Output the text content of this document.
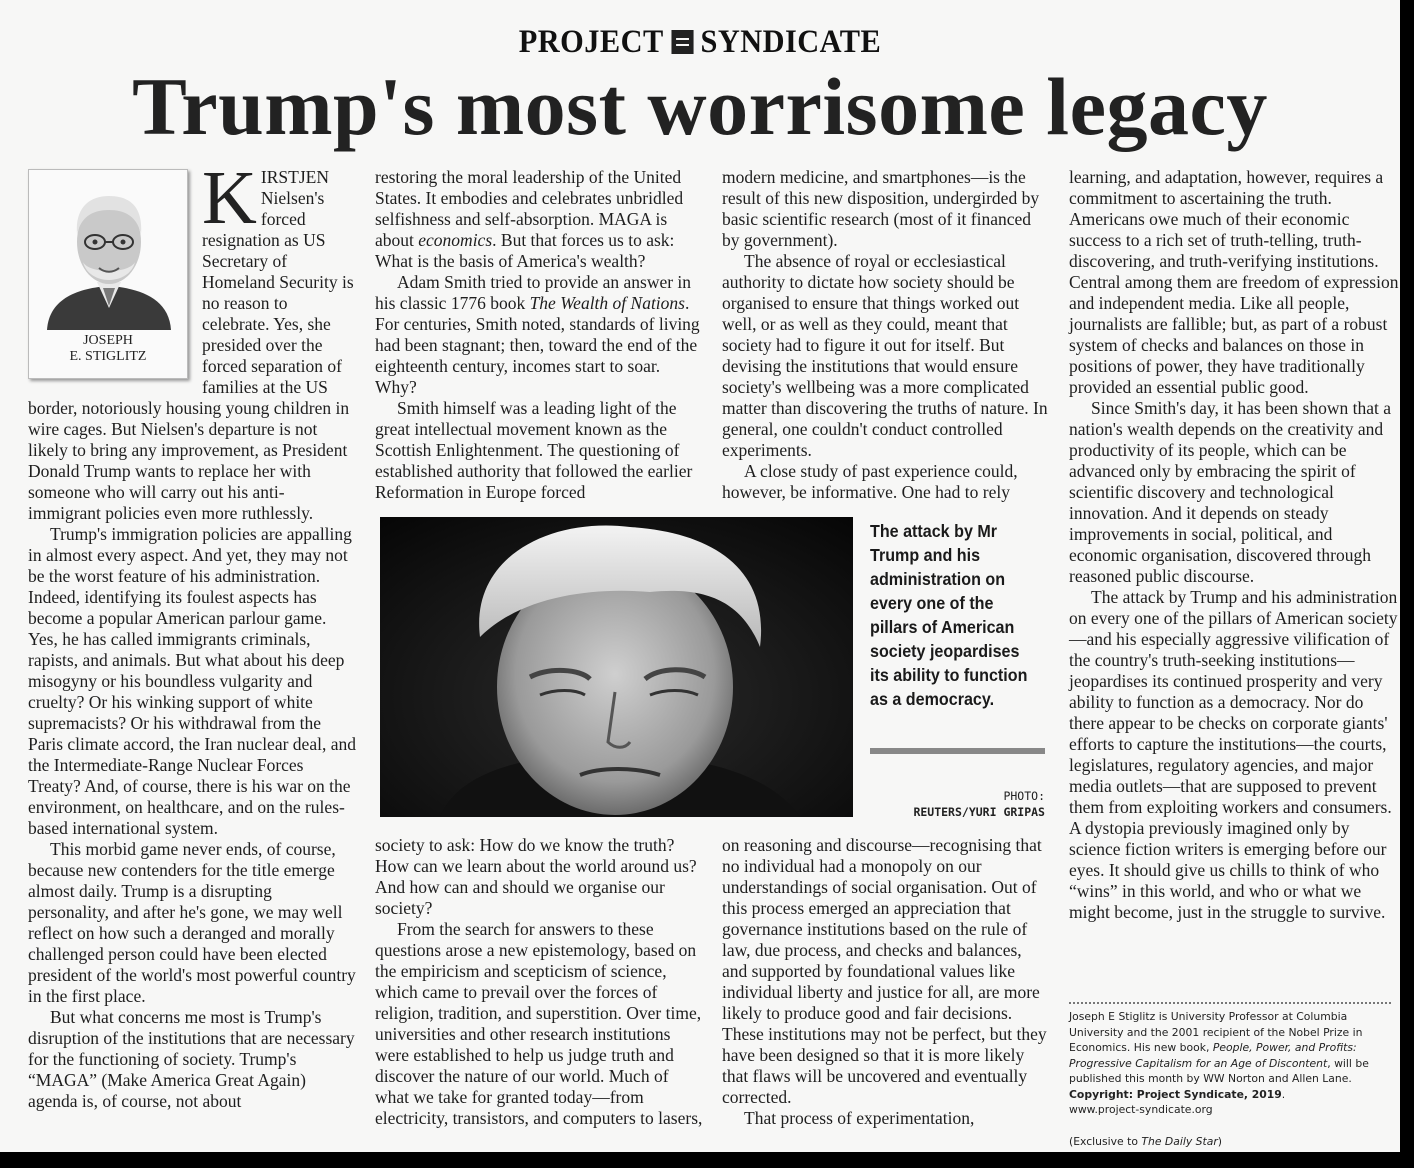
PROJECT SYNDICATE
Trump's most worrisome legacy
JOSEPH
E. STIGLITZ

KIRSTJEN Nielsen's forced resignation as US Secretary of Homeland Security is no reason to celebrate. Yes, she presided over the forced separation of families at the US border, notoriously housing young children in wire cages. But Nielsen's departure is not likely to bring any improvement, as President Donald Trump wants to replace her with someone who will carry out his anti-immigrant policies even more ruthlessly.

Trump's immigration policies are appalling in almost every aspect. And yet, they may not be the worst feature of his administration. Indeed, identifying its foulest aspects has become a popular American parlour game. Yes, he has called immigrants criminals, rapists, and animals. But what about his deep misogyny or his boundless vulgarity and cruelty? Or his winking support of white supremacists? Or his withdrawal from the Paris climate accord, the Iran nuclear deal, and the Intermediate-Range Nuclear Forces Treaty? And, of course, there is his war on the environment, on healthcare, and on the rules-based international system.

This morbid game never ends, of course, because new contenders for the title emerge almost daily. Trump is a disrupting personality, and after he's gone, we may well reflect on how such a deranged and morally challenged person could have been elected president of the world's most powerful country in the first place.

But what concerns me most is Trump's disruption of the institutions that are necessary for the functioning of society. Trump's “MAGA” (Make America Great Again) agenda is, of course, not about

restoring the moral leadership of the United States. It embodies and celebrates unbridled selfishness and self-absorption. MAGA is about economics. But that forces us to ask: What is the basis of America's wealth?

Adam Smith tried to provide an answer in his classic 1776 book The Wealth of Nations. For centuries, Smith noted, standards of living had been stagnant; then, toward the end of the eighteenth century, incomes start to soar. Why?

Smith himself was a leading light of the great intellectual movement known as the Scottish Enlightenment. The questioning of established authority that followed the earlier Reformation in Europe forced

modern medicine, and smartphones—is the result of this new disposition, undergirded by basic scientific research (most of it financed by government).

The absence of royal or ecclesiastical authority to dictate how society should be organised to ensure that things worked out well, or as well as they could, meant that society had to figure it out for itself. But devising the institutions that would ensure society's wellbeing was a more complicated matter than discovering the truths of nature. In general, one couldn't conduct controlled experiments.

A close study of past experience could, however, be informative. One had to rely

The attack by Mr Trump and his administration on every one of the pillars of American society jeopardises its ability to function as a democracy.
PHOTO:
REUTERS/YURI GRIPAS

society to ask: How do we know the truth? How can we learn about the world around us? And how can and should we organise our society?

From the search for answers to these questions arose a new epistemology, based on the empiricism and scepticism of science, which came to prevail over the forces of religion, tradition, and superstition. Over time, universities and other research institutions were established to help us judge truth and discover the nature of our world. Much of what we take for granted today—from electricity, transistors, and computers to lasers,

on reasoning and discourse—recognising that no individual had a monopoly on our understandings of social organisation. Out of this process emerged an appreciation that governance institutions based on the rule of law, due process, and checks and balances, and supported by foundational values like individual liberty and justice for all, are more likely to produce good and fair decisions. These institutions may not be perfect, but they have been designed so that it is more likely that flaws will be uncovered and eventually corrected.

That process of experimentation,

learning, and adaptation, however, requires a commitment to ascertaining the truth. Americans owe much of their economic success to a rich set of truth-telling, truth-discovering, and truth-verifying institutions. Central among them are freedom of expression and independent media. Like all people, journalists are fallible; but, as part of a robust system of checks and balances on those in positions of power, they have traditionally provided an essential public good.

Since Smith's day, it has been shown that a nation's wealth depends on the creativity and productivity of its people, which can be advanced only by embracing the spirit of scientific discovery and technological innovation. And it depends on steady improvements in social, political, and economic organisation, discovered through reasoned public discourse.

The attack by Trump and his administration on every one of the pillars of American society—and his especially aggressive vilification of the country's truth-seeking institutions—jeopardises its continued prosperity and very ability to function as a democracy. Nor do there appear to be checks on corporate giants' efforts to capture the institutions—the courts, legislatures, regulatory agencies, and major media outlets—that are supposed to prevent them from exploiting workers and consumers. A dystopia previously imagined only by science fiction writers is emerging before our eyes. It should give us chills to think of who “wins” in this world, and who or what we might become, just in the struggle to survive.

Joseph E Stiglitz is University Professor at Columbia University and the 2001 recipient of the Nobel Prize in Economics. His new book, People, Power, and Profits: Progressive Capitalism for an Age of Discontent, will be published this month by WW Norton and Allen Lane.
Copyright: Project Syndicate, 2019.
www.project-syndicate.org
(Exclusive to The Daily Star)
